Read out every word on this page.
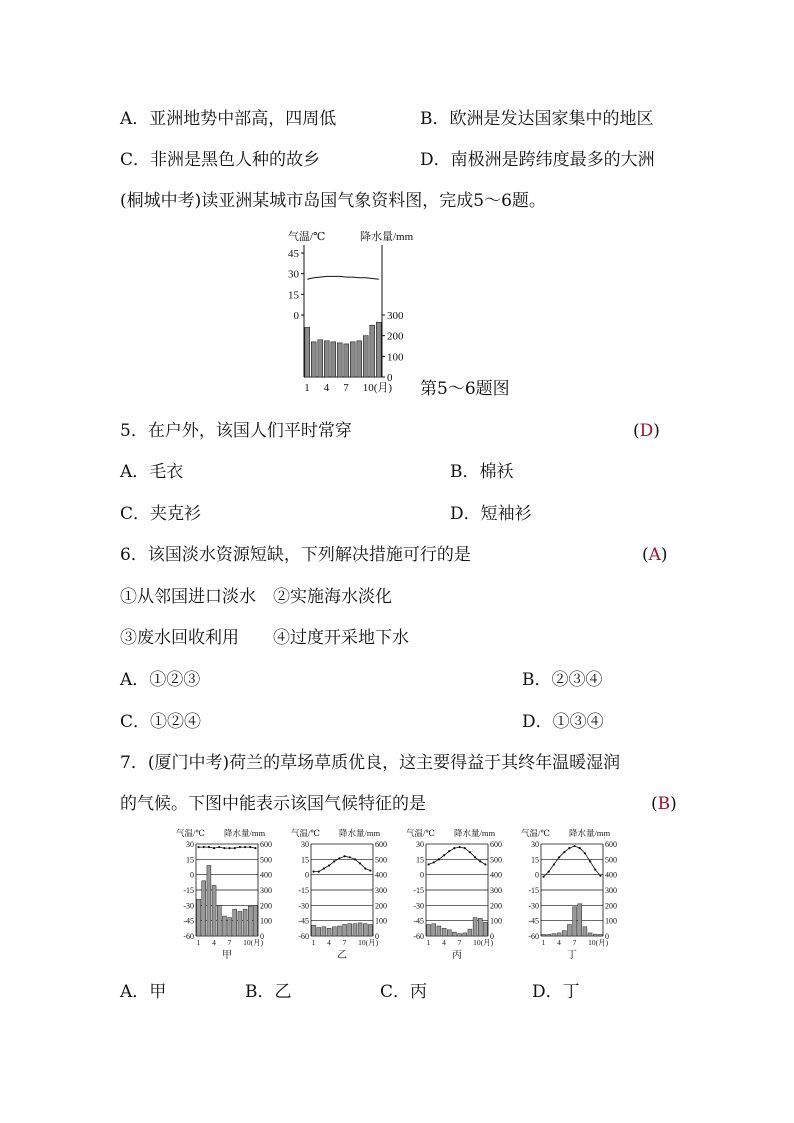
A．亚洲地势中部高，四周低	B．欧洲是发达国家集中的地区
C．非洲是黑色人种的故乡	D．南极洲是跨纬度最多的大洲
(桐城中考)读亚洲某城市岛国气象资料图，完成5～6题。
气温/℃	降水量/mm
45
30
15
0	300
200
100
0
1 4 7 10(月) 第5～6题图
5．在户外，该国人们平时常穿	(D)
A．毛衣	B．棉袄
C．夹克衫	D．短袖衫
6．该国淡水资源短缺，下列解决措施可行的是	(A)
①从邻国进口淡水　②实施海水淡化
③废水回收利用　　④过度开采地下水
A．①②③	B．②③④
C．①②④	D．①③④
7．(厦门中考)荷兰的草场草质优良，这主要得益于其终年温暖湿润
的气候。下图中能表示该国气候特征的是	(B)
气温/℃ 降水量/mm
30
15
0
-15
-30
-45
-60
600
500
400
300
200
100
0
1 4 7 10(月)
甲
气温/℃ 降水量/mm
30
15
0
-15
-30
-45
-60
600
500
400
300
200
100
0
1 4 7 10(月)
乙
气温/℃ 降水量/mm
30
15
0
-15
-30
-45
-60
600
500
400
300
200
100
0
1 4 7 10(月)
丙
气温/℃ 降水量/mm
30
15
0
-15
-30
-45
-60
600
500
400
300
200
100
0
1 4 7 10(月)
丁
A．甲	B．乙	C．丙	D．丁
